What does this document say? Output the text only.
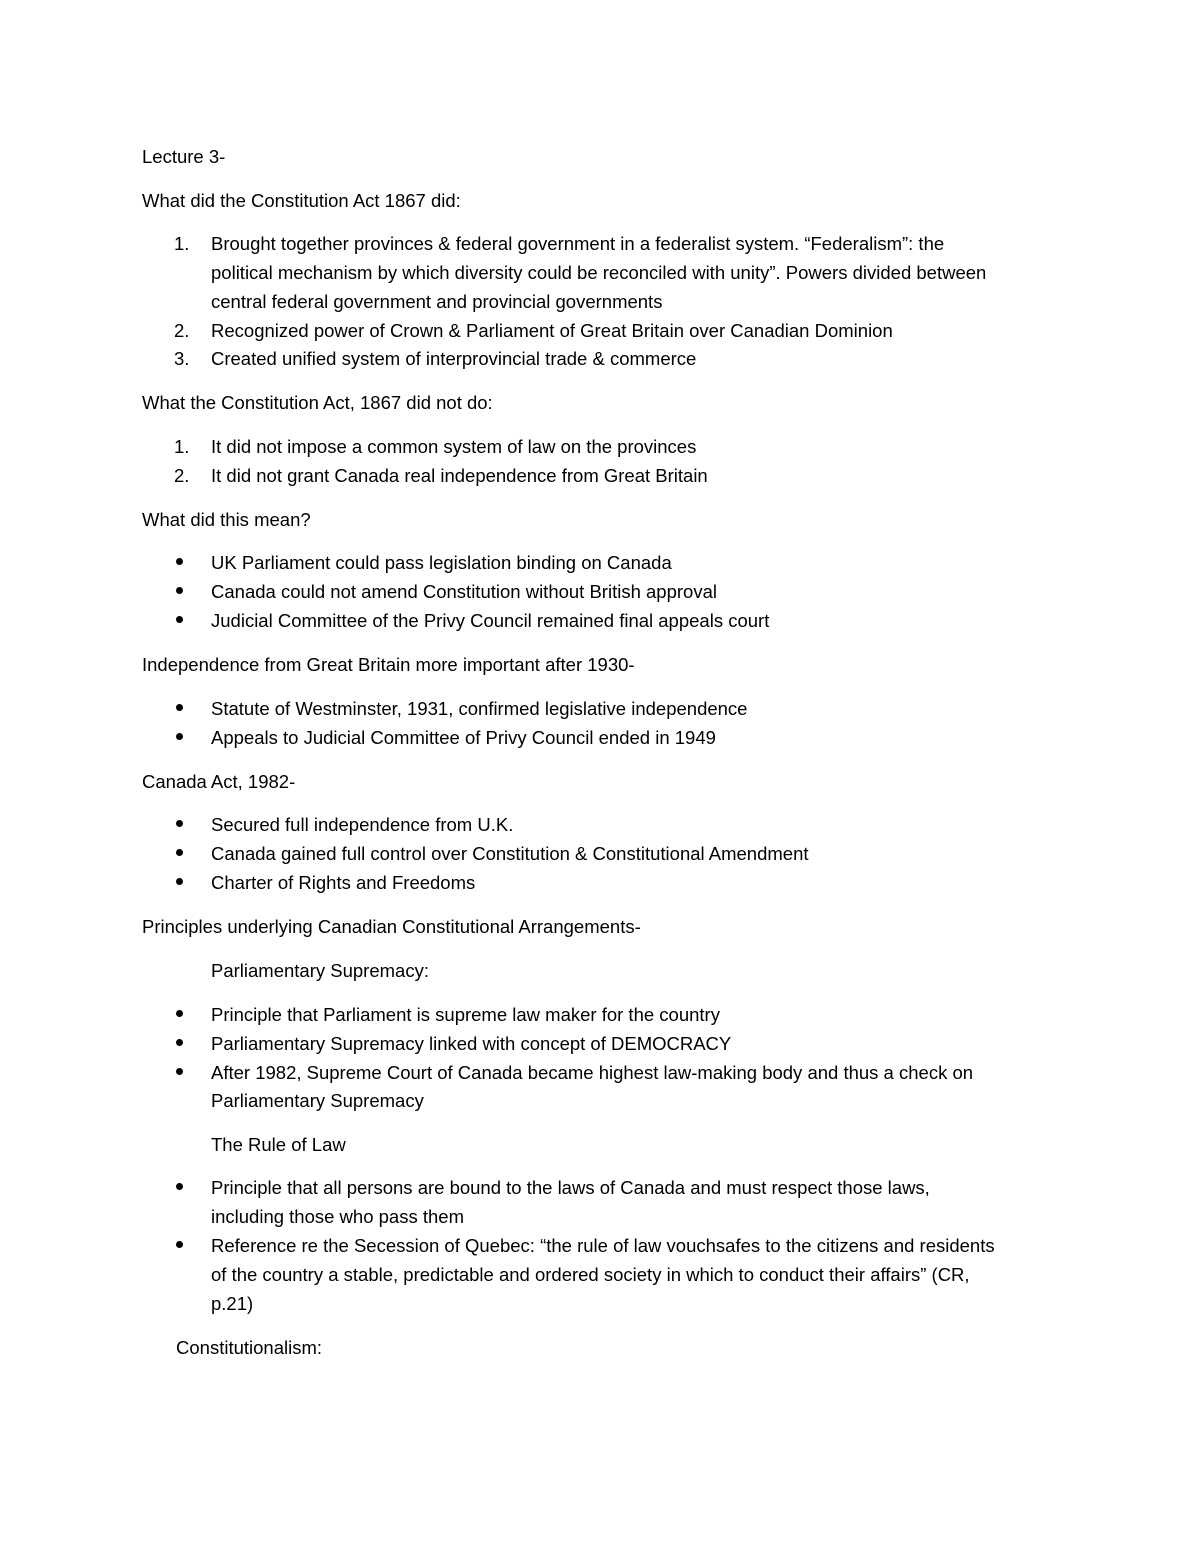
Lecture 3-
What did the Constitution Act 1867 did:
1. Brought together provinces & federal government in a federalist system. “Federalism”: the
political mechanism by which diversity could be reconciled with unity”. Powers divided between
central federal government and provincial governments
2. Recognized power of Crown & Parliament of Great Britain over Canadian Dominion
3. Created unified system of interprovincial trade & commerce
What the Constitution Act, 1867 did not do:
1. It did not impose a common system of law on the provinces
2. It did not grant Canada real independence from Great Britain
What did this mean?
UK Parliament could pass legislation binding on Canada
Canada could not amend Constitution without British approval
Judicial Committee of the Privy Council remained final appeals court
Independence from Great Britain more important after 1930-
Statute of Westminster, 1931, confirmed legislative independence
Appeals to Judicial Committee of Privy Council ended in 1949
Canada Act, 1982-
Secured full independence from U.K.
Canada gained full control over Constitution & Constitutional Amendment
Charter of Rights and Freedoms
Principles underlying Canadian Constitutional Arrangements-
Parliamentary Supremacy:
Principle that Parliament is supreme law maker for the country
Parliamentary Supremacy linked with concept of DEMOCRACY
After 1982, Supreme Court of Canada became highest law-making body and thus a check on
Parliamentary Supremacy
The Rule of Law
Principle that all persons are bound to the laws of Canada and must respect those laws,
including those who pass them
Reference re the Secession of Quebec: “the rule of law vouchsafes to the citizens and residents
of the country a stable, predictable and ordered society in which to conduct their affairs” (CR,
p.21)
Constitutionalism:
